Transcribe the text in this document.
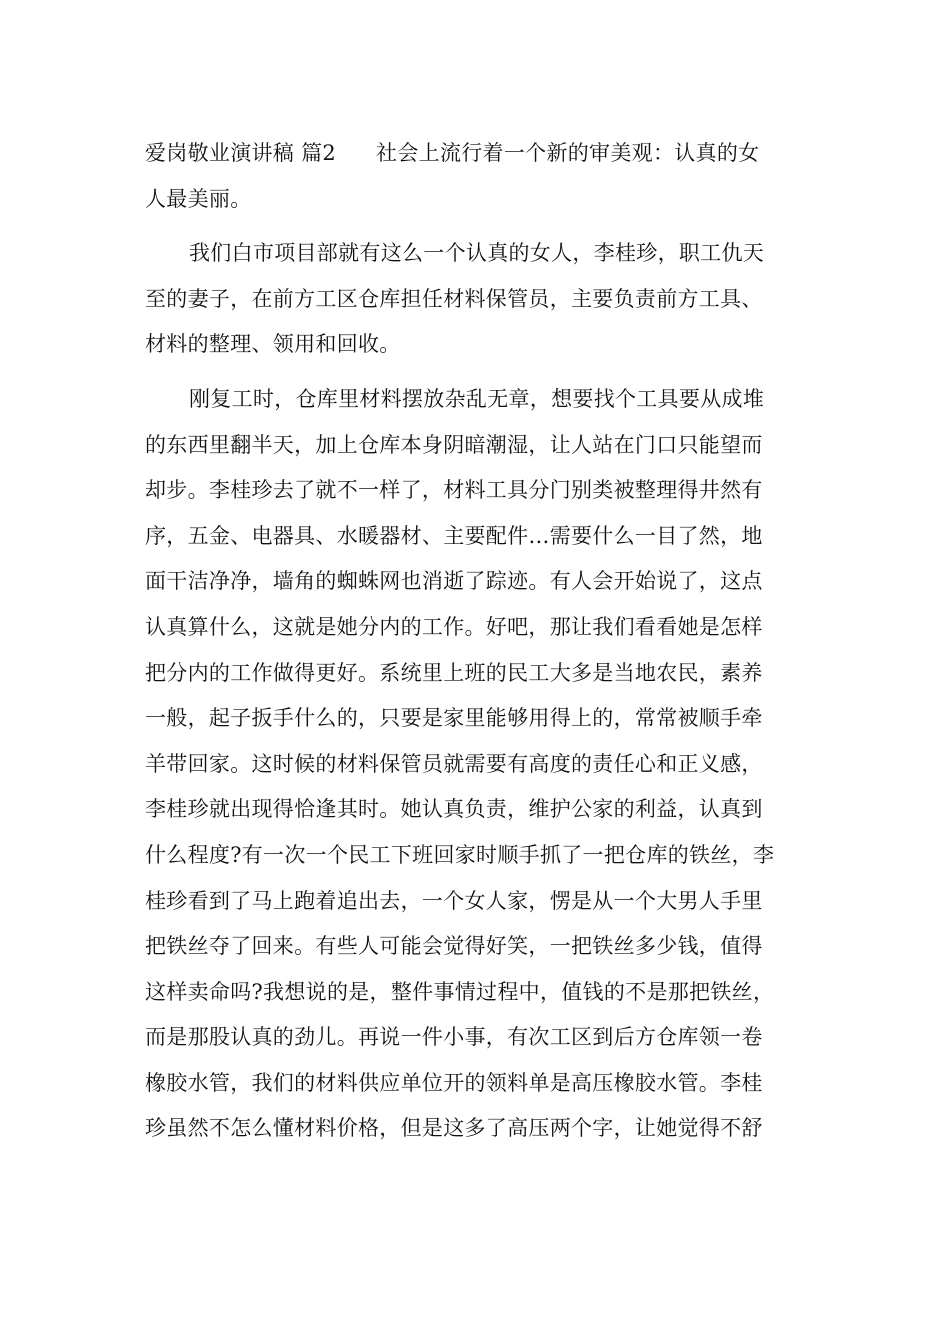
爱岗敬业演讲稿 篇2 社会上流行着一个新的审美观：认真的女
人最美丽。
我们白市项目部就有这么一个认真的女人，李桂珍，职工仇天
至的妻子，在前方工区仓库担任材料保管员，主要负责前方工具、
材料的整理、领用和回收。
刚复工时，仓库里材料摆放杂乱无章，想要找个工具要从成堆
的东西里翻半天，加上仓库本身阴暗潮湿，让人站在门口只能望而
却步。李桂珍去了就不一样了，材料工具分门别类被整理得井然有
序，五金、电器具、水暖器材、主要配件…需要什么一目了然，地
面干洁净净，墙角的蜘蛛网也消逝了踪迹。有人会开始说了，这点
认真算什么，这就是她分内的工作。好吧，那让我们看看她是怎样
把分内的工作做得更好。系统里上班的民工大多是当地农民，素养
一般，起子扳手什么的，只要是家里能够用得上的，常常被顺手牵
羊带回家。这时候的材料保管员就需要有高度的责任心和正义感，
李桂珍就出现得恰逢其时。她认真负责，维护公家的利益，认真到
什么程度?有一次一个民工下班回家时顺手抓了一把仓库的铁丝，李
桂珍看到了马上跑着追出去，一个女人家，愣是从一个大男人手里
把铁丝夺了回来。有些人可能会觉得好笑，一把铁丝多少钱，值得
这样卖命吗?我想说的是，整件事情过程中，值钱的不是那把铁丝，
而是那股认真的劲儿。再说一件小事，有次工区到后方仓库领一卷
橡胶水管，我们的材料供应单位开的领料单是高压橡胶水管。李桂
珍虽然不怎么懂材料价格，但是这多了高压两个字，让她觉得不舒
